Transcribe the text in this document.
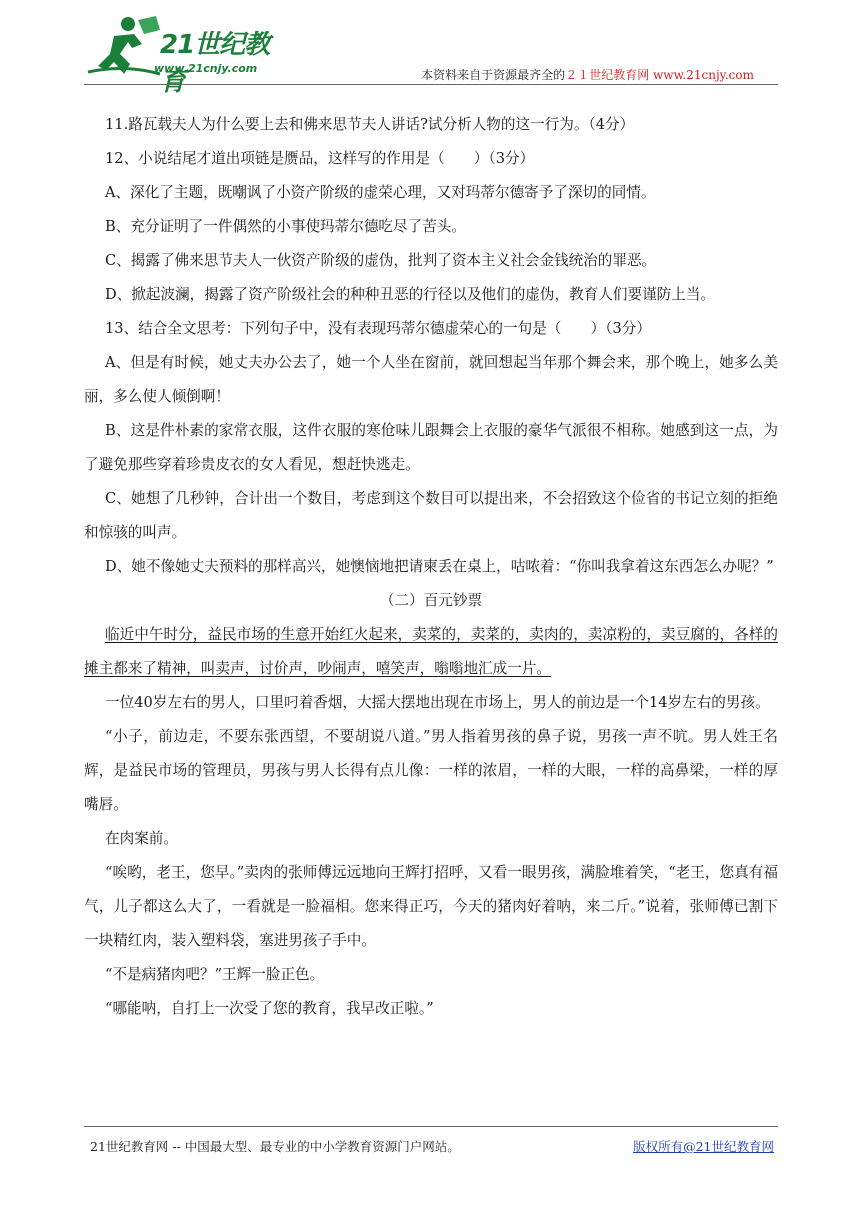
21世纪教育
www.21cnjy.com	本资料来自于资源最齐全的２１世纪教育网 www.21cnjy.com

11.路瓦载夫人为什么要上去和佛来思节夫人讲话?试分析人物的这一行为。（4分）

12、小说结尾才道出项链是赝品，这样写的作用是（　　）（3分）

A、深化了主题，既嘲讽了小资产阶级的虚荣心理，又对玛蒂尔德寄予了深切的同情。

B、充分证明了一件偶然的小事使玛蒂尔德吃尽了苦头。

C、揭露了佛来思节夫人一伙资产阶级的虚伪，批判了资本主义社会金钱统治的罪恶。

D、掀起波澜，揭露了资产阶级社会的种种丑恶的行径以及他们的虚伪，教育人们要谨防上当。

13、结合全文思考：下列句子中，没有表现玛蒂尔德虚荣心的一句是（　　）（3分）

A、但是有时候，她丈夫办公去了，她一个人坐在窗前，就回想起当年那个舞会来，那个晚上，她多么美丽，多么使人倾倒啊！

B、这是件朴素的家常衣服，这件衣服的寒伧味儿跟舞会上衣服的豪华气派很不相称。她感到这一点，为了避免那些穿着珍贵皮衣的女人看见，想赶快逃走。

C、她想了几秒钟，合计出一个数目，考虑到这个数目可以提出来，不会招致这个俭省的书记立刻的拒绝和惊骇的叫声。

D、她不像她丈夫预料的那样高兴，她懊恼地把请柬丢在桌上，咕哝着：“你叫我拿着这东西怎么办呢？”

（二）百元钞票

临近中午时分，益民市场的生意开始红火起来，卖菜的，卖菜的，卖肉的，卖凉粉的，卖豆腐的，各样的摊主都来了精神，叫卖声，讨价声，吵闹声，嘻笑声，嗡嗡地汇成一片。

一位40岁左右的男人，口里叼着香烟，大摇大摆地出现在市场上，男人的前边是一个14岁左右的男孩。

“小子，前边走，不要东张西望，不要胡说八道。”男人指着男孩的鼻子说，男孩一声不吭。男人姓王名辉，是益民市场的管理员，男孩与男人长得有点儿像：一样的浓眉，一样的大眼，一样的高鼻梁，一样的厚嘴唇。

在肉案前。

“唉哟，老王，您早。”卖肉的张师傅远远地向王辉打招呼，又看一眼男孩，满脸堆着笑，“老王，您真有福气，儿子都这么大了，一看就是一脸福相。您来得正巧，今天的猪肉好着呐，来二斤。”说着，张师傅已割下一块精红肉，装入塑料袋，塞进男孩子手中。

“不是病猪肉吧？”王辉一脸正色。

“哪能呐，自打上一次受了您的教育，我早改正啦。”

21世纪教育网 -- 中国最大型、最专业的中小学教育资源门户网站。	版权所有@21世纪教育网
